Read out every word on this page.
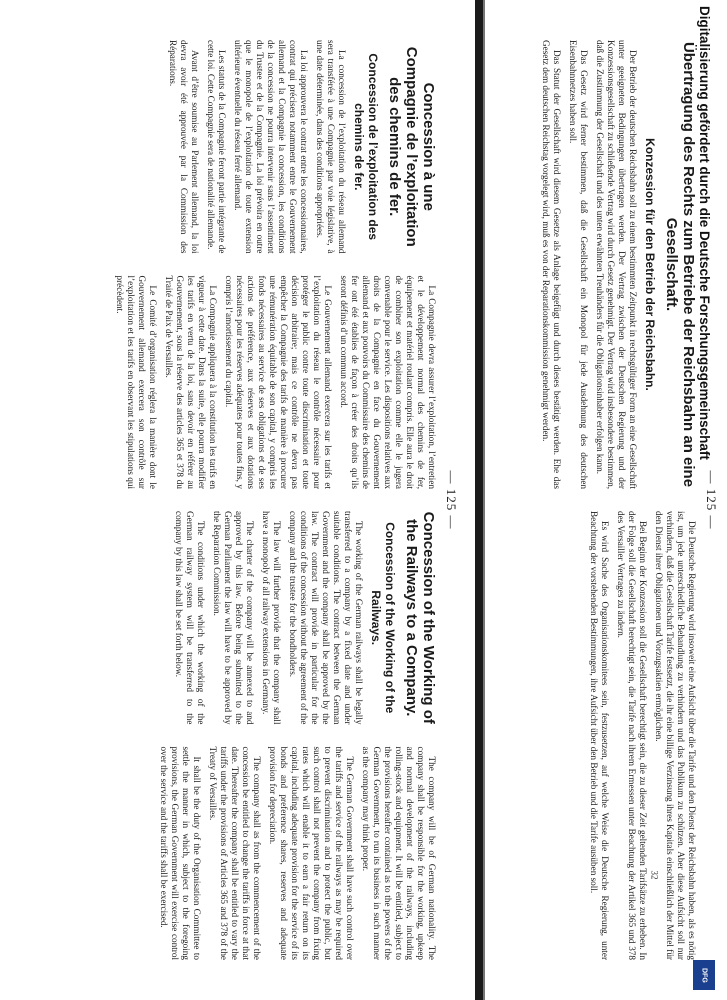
— 125 —
Concession à une Compagnie de l’exploitation des chemins de fer.
Concession de l’exploitation des chemins de fer.

La concession de l’exploitation du réseau allemand sera transférée à une Compagnie par voie législative, à une date déterminée, dans des conditions appropriées.

La loi approuvera le contrat entre les concessionnaires, contrat qui précisera notamment entre le Gouvernement allemand et la Compagnie la concession, les conditions de la concession ne pourra intervenir sans l’assentiment du Trustee et de la Compagnie. La loi prévoira en outre que le monopole de l’exploitation de toute extension ultérieure éventuelle du réseau ferré allemand.

Les statuts de la Compagnie feront partie intégrante de cette loi. Cette Compagnie sera de nationalité allemande.

Avant d’être soumise au Parlement allemand, la loi devra avoir été approuvée par la Commission des Réparations.

La Compagnie devra assurer l’exploitation, l’entretien et le développement normal des chemins de fer, équipement et matériel roulant compris. Elle aura le droit de combiner son exploitation comme elle le jugera convenable pour le service. Les dispositions relatives aux droits de la Compagnie en face du Gouvernement allemand et aux pouvoirs du Commissaire des chemins de fer ont été établies de façon à créer des droits qu’ils seront définis d’un commun accord.

Le Gouvernement allemand exercera sur les tarifs et l’exploitation du réseau le contrôle nécessaire pour protéger le public contre toute discrimination et toute décision arbitraire; mais ce contrôle ne devra pas empêcher la Compagnie des tarifs de manière à procurer une rémunération équitable de son capital, y compris les fonds nécessaires au service de ses obligations et de ses actions de préférence, aux réserves et aux dotations nécessaires pour les réserves adéquates pour toutes fins, y compris l’amortissement du capital.

La Compagnie appliquera à la constitution les tarifs en vigueur à cette date. Dans la suite, elle pourra modifier les tarifs en vertu de la loi, sans devoir en référer au Gouvernement, sous la réserve des articles 365 et 378 du Traité de Paix de Versailles.

Le Comité d’organisation réglera la manière dont le Gouvernement allemand exercera son contrôle sur l’exploitation et les tarifs en observant les stipulations qui précèdent.

Concession of the Working of the Railways to a Company.
Concession of the Working of the Railways.

The working of the German railways shall be legally transferred to a company by a fixed date and under suitable conditions. The contract between the German Government and the company shall be approved by the law. The contract will provide in particular for the conditions of the concession without the agreement of the company and the trustee for the bondholders.

The law will further provide that the company shall have a monopoly of all railway extensions in Germany.

The charter of the company will be annexed to and approved by this law. Before being submitted to the German Parliament the law will have to be approved by the Reparation Commission.

The conditions under which the working of the German railway system will be transferred to the company by this law shall be set forth below.

The company will be of German nationality. The company shall be responsible for the working, upkeep and normal development of the railways, including rolling-stock and equipment. It will be entitled, subject to the provisions hereafter contained as to the powers of the German Government, to run its business in such manner as the company may think proper.

The German Government shall have such control over the tariffs and service of the railways as may be required to prevent discrimination and to protect the public, but such control shall not prevent the company from fixing rates which will enable it to earn a fair return on its capital, including adequate provision for the service of its bonds and preference shares, reserves and adequate provision for depreciation.

The company shall as from the commencement of the concession be entitled to change the tariffs in force at that date. Thereafter the company shall be entitled to vary the tariffs under the provisions of Articles 365 and 378 of the Treaty of Versailles.

It shall be the duty of the Organisation Committee to settle the manner in which, subject to the foregoing provisions, the German Government will exercise control over the service and the tariffs shall be exercised.

— 125 —
Übertragung des Rechts zum Betriebe der Reichsbahn an eine Gesellschaft.
Konzession für den Betrieb der Reichsbahn.

Der Betrieb der deutschen Reichsbahn soll zu einem bestimmten Zeitpunkt in rechtsgültiger Form an eine Gesellschaft unter geeigneten Bedingungen übertragen werden. Der Vertrag zwischen der Deutschen Regierung und der Konzessionsgesellschaft zu schließende Vertrag wird durch Gesetz genehmigt. Der Vertrag wird insbesondere bestimmen, daß die Zustimmung der Gesellschaft und des unten erwähnten Treuhänders für die Obligationsinhaber erfolgen kann.

Das Gesetz wird ferner bestimmen, daß die Gesellschaft ein Monopol für jede Ausdehnung des deutschen Eisenbahnnetzes haben soll.

Das Statut der Gesellschaft wird diesem Gesetze als Anlage beigefügt und durch dieses bestätigt werden. Ehe das Gesetz dem deutschen Reichstag vorgelegt wird, muß es von der Reparationskommission genehmigt werden.

Die Deutsche Regierung wird insoweit eine Aufsicht über die Tarife und den Dienst der Reichsbahn haben, als es nötig ist, um jede unterschiedliche Behandlung zu verhindern und das Publikum zu schützen. Aber diese Aufsicht soll nur verhindern, daß die Gesellschaft Tarife festsetzt, die ihr eine billige Verzinsung ihres Kapitals einschließlich der Mittel für den Dienst ihrer Obligationen und Vorzugsaktien ermöglichen.

Bei Beginn der Konzession soll die Gesellschaft berechtigt sein, die zu dieser Zeit geltenden Tarifsätze zu erheben. In der Folge soll die Gesellschaft berechtigt sein, die Tarife nach ihrem Ermessen unter Beachtung der Artikel 365 und 378 des Versailler Vertrages zu ändern.

Es wird Sache des Organisationskomitees sein, festzusetzen, auf welche Weise die Deutsche Regierung, unter Beachtung der vorstehenden Bestimmungen, ihre Aufsicht über den Betrieb und die Tarife ausüben soll.	32
Digitalisierung gefördert durch die Deutsche Forschungsgemeinschaft
DFG
